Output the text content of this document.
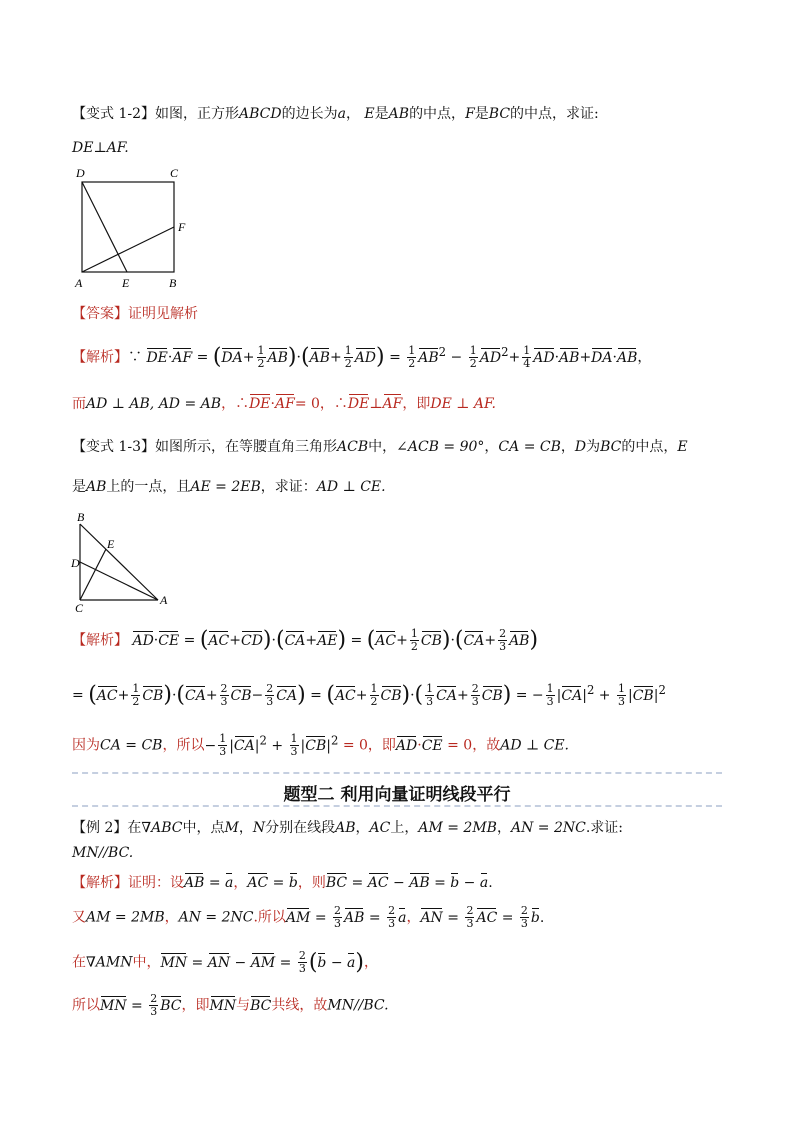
【变式 1-2】如图，正方形ABCD的边长为a， E是AB的中点，F是BC的中点，求证:
DE⊥AF.
D	C
F
A	E	B
【答案】证明见解析
【解析】∵ $DE\cdot AF = (DA+ \frac{1}{2} AB)\cdot(AB+ \frac{1}{2} AD) = \frac{1}{2} AB^2 - \frac{1}{2} AD^2+ \frac{1}{4} AD\cdot AB+DA\cdot AB$，
而AD ⊥ AB, AD = AB，∴DE·AF= 0，∴DE⊥AF，即DE ⊥ AF.
【变式 1-3】如图所示，在等腰直角三角形ACB中，∠ACB = 90°，CA = CB，D为BC的中点，E
是AB上的一点，且AE = 2EB，求证：AD ⊥ CE.
B
E
D
C
A
【解析】 $AD\cdot CE = (AC+CD)\cdot(CA+AE) = (AC+ \frac{1}{2} CB)\cdot(CA+ \frac{2}{3} AB)$
= $(AC+ \frac{1}{2} CB)\cdot(CA+ \frac{2}{3} CB- \frac{2}{3} CA) = (AC+ \frac{1}{2} CB)\cdot( \frac{1}{3} CA+ \frac{2}{3} CB)$ = − $\frac{1}{3} |CA|^2 + \frac{1}{3} |CB|^2$
因为CA = CB，所以− $\frac{1}{3} |CA|^2 + \frac{1}{3} |CB|^2 = 0$，即AD·CE = 0，故AD ⊥ CE.
题型二 利用向量证明线段平行
【例 2】在∇ABC中，点M，N分别在线段AB，AC上，AM = 2MB，AN = 2NC.求证:
MN//BC.
【解析】证明：设AB = a，AC = b，则BC = AC − AB = b − a.
又AM = 2MB，AN = 2NC.所以AM = $\frac{2}{3}$ AB = $\frac{2}{3}$ a，AN = $\frac{2}{3}$ AC = $\frac{2}{3} b$.
在∇AMN中，MN = AN − AM = $\frac{2}{3} (b - a)$，
所以MN = $\frac{2}{3}$ BC，即MN与BC共线，故MN//BC.
